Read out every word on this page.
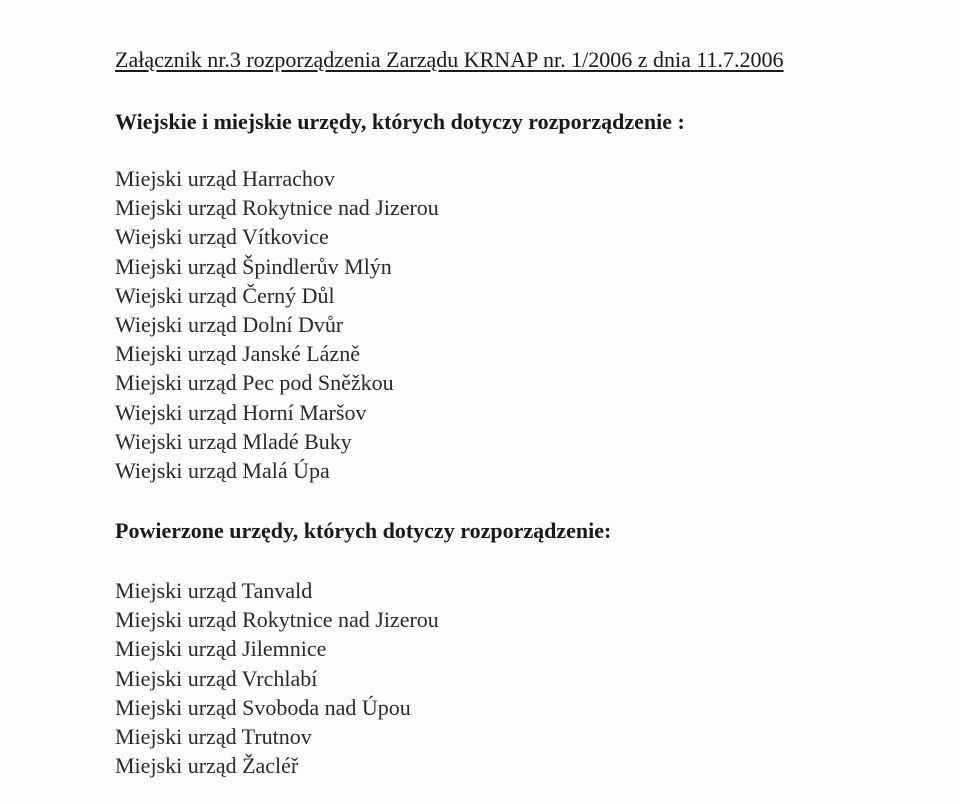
Załącznik nr.3 rozporządzenia Zarządu KRNAP nr. 1/2006 z dnia 11.7.2006
Wiejskie i miejskie urzędy, których dotyczy rozporządzenie :
Miejski urząd Harrachov
Miejski urząd Rokytnice nad Jizerou
Wiejski urząd Vítkovice
Miejski urząd Špindlerův Mlýn
Wiejski urząd Černý Důl
Wiejski urząd Dolní Dvůr
Miejski urząd Janské Lázně
Miejski urząd Pec pod Sněžkou
Wiejski urząd Horní Maršov
Wiejski urząd Mladé Buky
Wiejski urząd Malá Úpa
Powierzone urzędy, których dotyczy rozporządzenie:
Miejski urząd Tanvald
Miejski urząd Rokytnice nad Jizerou
Miejski urząd Jilemnice
Miejski urząd Vrchlabí
Miejski urząd Svoboda nad Úpou
Miejski urząd Trutnov
Miejski urząd Žacléř
